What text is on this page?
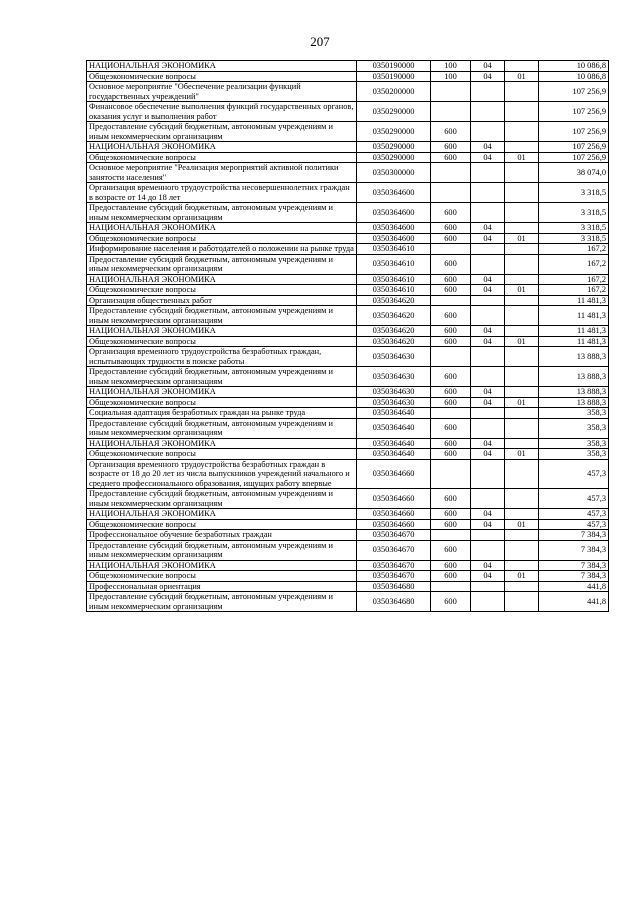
207
НАЦИОНАЛЬНАЯ ЭКОНОМИКА	0350190000	100	04		10 086,8
Общеэкономические вопросы	0350190000	100	04	01	10 086,8
Основное мероприятие "Обеспечение реализации функций государственных учреждений"	0350200000				107 256,9
Финансовое обеспечение выполнения функций государственных органов, оказания услуг и выполнения работ	0350290000				107 256,9
Предоставление субсидий бюджетным, автономным учреждениям и иным некоммерческим организациям	0350290000	600			107 256,9
НАЦИОНАЛЬНАЯ ЭКОНОМИКА	0350290000	600	04		107 256,9
Общеэкономические вопросы	0350290000	600	04	01	107 256,9
Основное мероприятие "Реализация мероприятий активной политики занятости населения"	0350300000				38 074,0
Организация временного трудоустройства несовершеннолетних граждан в возрасте от 14 до 18 лет	0350364600				3 318,5
Предоставление субсидий бюджетным, автономным учреждениям и иным некоммерческим организациям	0350364600	600			3 318,5
НАЦИОНАЛЬНАЯ ЭКОНОМИКА	0350364600	600	04		3 318,5
Общеэкономические вопросы	0350364600	600	04	01	3 318,5
Информирование населения и работодателей о положении на рынке труда	0350364610				167,2
Предоставление субсидий бюджетным, автономным учреждениям и иным некоммерческим организациям	0350364610	600			167,2
НАЦИОНАЛЬНАЯ ЭКОНОМИКА	0350364610	600	04		167,2
Общеэкономические вопросы	0350364610	600	04	01	167,2
Организация общественных работ	0350364620				11 481,3
Предоставление субсидий бюджетным, автономным учреждениям и иным некоммерческим организациям	0350364620	600			11 481,3
НАЦИОНАЛЬНАЯ ЭКОНОМИКА	0350364620	600	04		11 481,3
Общеэкономические вопросы	0350364620	600	04	01	11 481,3
Организация временного трудоустройства безработных граждан, испытывающих трудности в поиске работы	0350364630				13 888,3
Предоставление субсидий бюджетным, автономным учреждениям и иным некоммерческим организациям	0350364630	600			13 888,3
НАЦИОНАЛЬНАЯ ЭКОНОМИКА	0350364630	600	04		13 888,3
Общеэкономические вопросы	0350364630	600	04	01	13 888,3
Социальная адаптация безработных граждан на рынке труда	0350364640				358,3
Предоставление субсидий бюджетным, автономным учреждениям и иным некоммерческим организациям	0350364640	600			358,3
НАЦИОНАЛЬНАЯ ЭКОНОМИКА	0350364640	600	04		358,3
Общеэкономические вопросы	0350364640	600	04	01	358,3
Организация временного трудоустройства безработных граждан в возрасте от 18 до 20 лет из числа выпускников учреждений начального и среднего профессионального образования, ищущих работу впервые	0350364660				457,3
Предоставление субсидий бюджетным, автономным учреждениям и иным некоммерческим организациям	0350364660	600			457,3
НАЦИОНАЛЬНАЯ ЭКОНОМИКА	0350364660	600	04		457,3
Общеэкономические вопросы	0350364660	600	04	01	457,3
Профессиональное обучение безработных граждан	0350364670				7 384,3
Предоставление субсидий бюджетным, автономным учреждениям и иным некоммерческим организациям	0350364670	600			7 384,3
НАЦИОНАЛЬНАЯ ЭКОНОМИКА	0350364670	600	04		7 384,3
Общеэкономические вопросы	0350364670	600	04	01	7 384,3
Профессиональная ориентация	0350364680				441,8
Предоставление субсидий бюджетным, автономным учреждениям и иным некоммерческим организациям	0350364680	600			441,8
